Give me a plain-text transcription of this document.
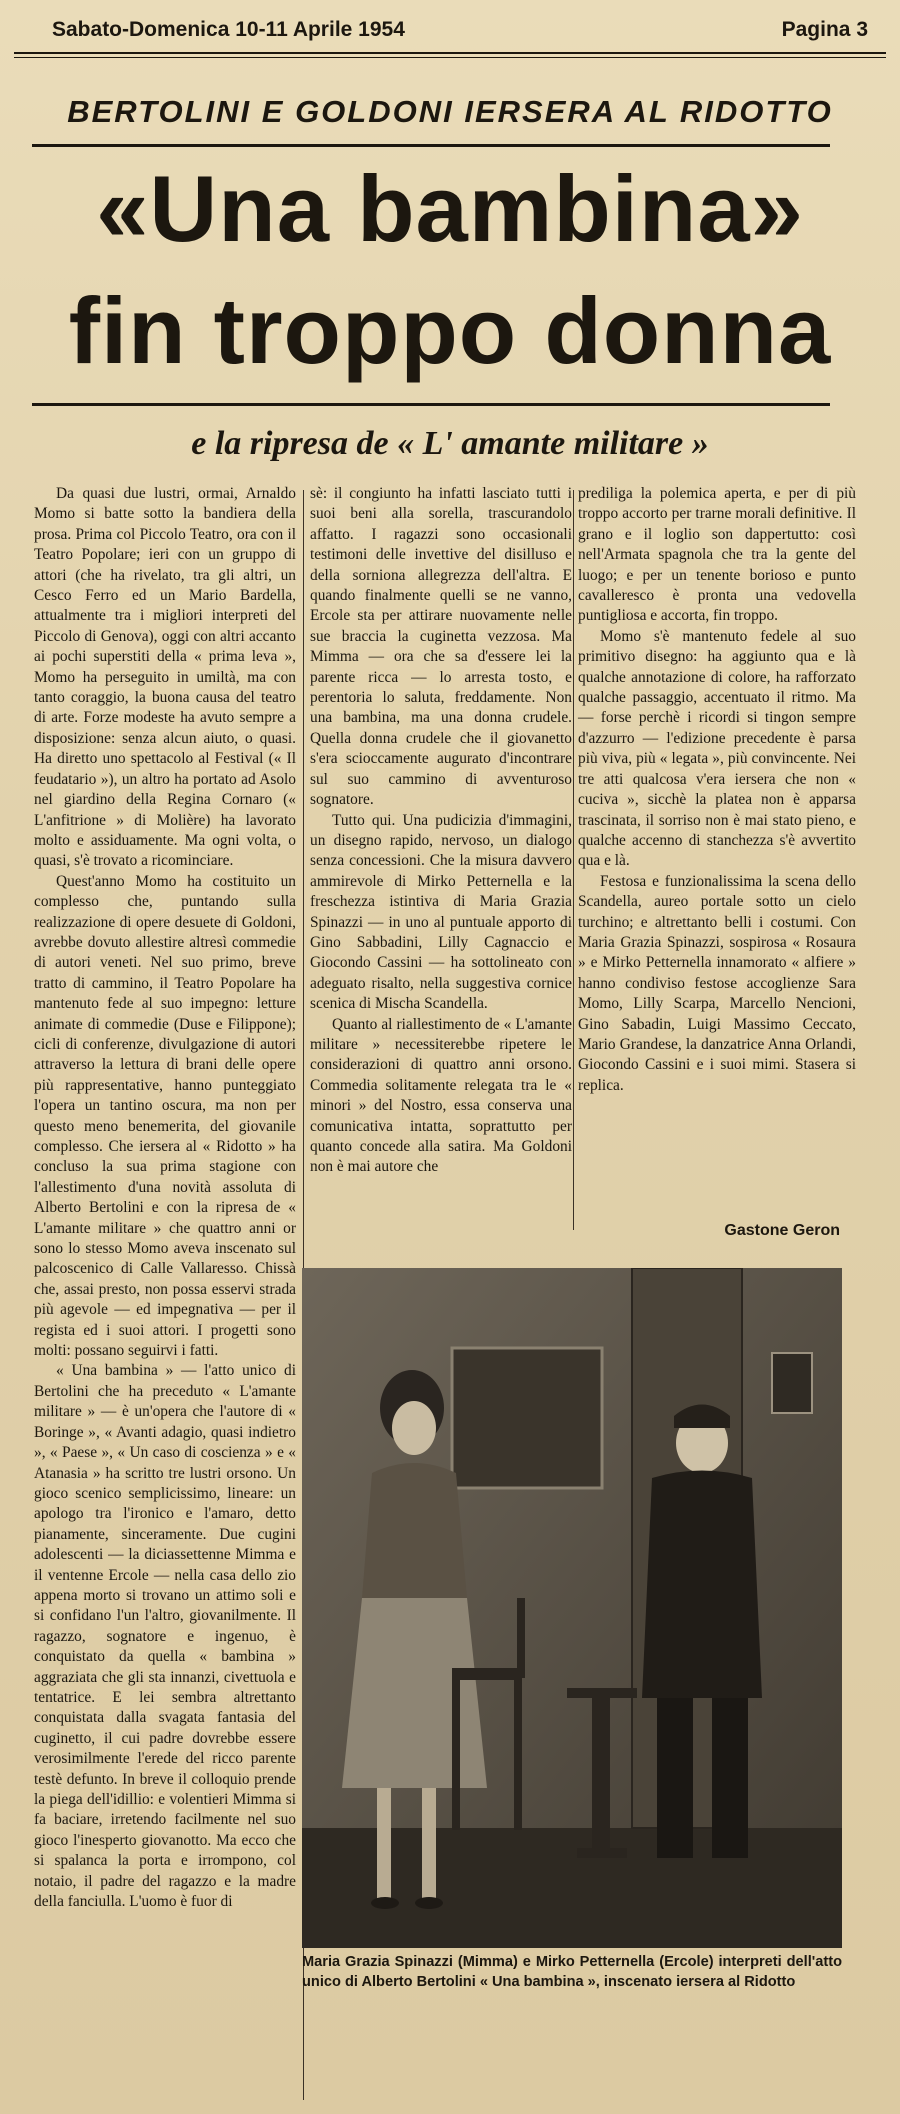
Sabato-Domenica 10-11 Aprile 1954	Pagina 3
BERTOLINI E GOLDONI IERSERA AL RIDOTTO
«Una bambina»
fin troppo donna
e la ripresa de « L' amante militare »

Da quasi due lustri, ormai, Arnaldo Momo si batte sotto la bandiera della prosa. Prima col Piccolo Teatro, ora con il Teatro Popolare; ieri con un gruppo di attori (che ha rivelato, tra gli altri, un Cesco Ferro ed un Mario Bardella, attualmente tra i migliori interpreti del Piccolo di Genova), oggi con altri accanto ai pochi superstiti della « prima leva », Momo ha perseguito in umiltà, ma con tanto coraggio, la buona causa del teatro di arte. Forze modeste ha avuto sempre a disposizione: senza alcun aiuto, o quasi. Ha diretto uno spettacolo al Festival (« Il feudatario »), un altro ha portato ad Asolo nel giardino della Regina Cornaro (« L'anfitrione » di Molière) ha lavorato molto e assiduamente. Ma ogni volta, o quasi, s'è trovato a ricominciare.

Quest'anno Momo ha costituito un complesso che, puntando sulla realizzazione di opere desuete di Goldoni, avrebbe dovuto allestire altresì commedie di autori veneti. Nel suo primo, breve tratto di cammino, il Teatro Popolare ha mantenuto fede al suo impegno: letture animate di commedie (Duse e Filippone); cicli di conferenze, divulgazione di autori attraverso la lettura di brani delle opere più rappresentative, hanno punteggiato l'opera un tantino oscura, ma non per questo meno benemerita, del giovanile complesso. Che iersera al « Ridotto » ha concluso la sua prima stagione con l'allestimento d'una novità assoluta di Alberto Bertolini e con la ripresa de « L'amante militare » che quattro anni or sono lo stesso Momo aveva inscenato sul palcoscenico di Calle Vallaresso. Chissà che, assai presto, non possa esservi strada più agevole — ed impegnativa — per il regista ed i suoi attori. I progetti sono molti: possano seguirvi i fatti.

« Una bambina » — l'atto unico di Bertolini che ha preceduto « L'amante militare » — è un'opera che l'autore di « Boringe », « Avanti adagio, quasi indietro », « Paese », « Un caso di coscienza » e « Atanasia » ha scritto tre lustri orsono. Un gioco scenico semplicissimo, lineare: un apologo tra l'ironico e l'amaro, detto pianamente, sinceramente. Due cugini adolescenti — la diciassettenne Mimma e il ventenne Ercole — nella casa dello zio appena morto si trovano un attimo soli e si confidano l'un l'altro, giovanilmente. Il ragazzo, sognatore e ingenuo, è conquistato da quella « bambina » aggraziata che gli sta innanzi, civettuola e tentatrice. E lei sembra altrettanto conquistata dalla svagata fantasia del cuginetto, il cui padre dovrebbe essere verosimilmente l'erede del ricco parente testè defunto. In breve il colloquio prende la piega dell'idillio: e volentieri Mimma si fa baciare, irretendo facilmente nel suo gioco l'inesperto giovanotto. Ma ecco che si spalanca la porta e irrompono, col notaio, il padre del ragazzo e la madre della fanciulla. L'uomo è fuor di

sè: il congiunto ha infatti lasciato tutti i suoi beni alla sorella, trascurandolo affatto. I ragazzi sono occasionali testimoni delle invettive del disilluso e della sorniona allegrezza dell'altra. E quando finalmente quelli se ne vanno, Ercole sta per attirare nuovamente nelle sue braccia la cuginetta vezzosa. Ma Mimma — ora che sa d'essere lei la parente ricca — lo arresta tosto, e perentoria lo saluta, freddamente. Non una bambina, ma una donna crudele. Quella donna crudele che il giovanetto s'era scioccamente augurato d'incontrare sul suo cammino di avventuroso sognatore.

Tutto qui. Una pudicizia d'immagini, un disegno rapido, nervoso, un dialogo senza concessioni. Che la misura davvero ammirevole di Mirko Petternella e la freschezza istintiva di Maria Grazia Spinazzi — in uno al puntuale apporto di Gino Sabbadini, Lilly Cagnaccio e Giocondo Cassini — ha sottolineato con adeguato risalto, nella suggestiva cornice scenica di Mischa Scandella.

Quanto al riallestimento de « L'amante militare » necessiterebbe ripetere le considerazioni di quattro anni orsono. Commedia solitamente relegata tra le « minori » del Nostro, essa conserva una comunicativa intatta, soprattutto per quanto concede alla satira. Ma Goldoni non è mai autore che

prediliga la polemica aperta, e per di più troppo accorto per trarne morali definitive. Il grano e il loglio son dappertutto: così nell'Armata spagnola che tra la gente del luogo; e per un tenente borioso e punto cavalleresco è pronta una vedovella puntigliosa e accorta, fin troppo.

Momo s'è mantenuto fedele al suo primitivo disegno: ha aggiunto qua e là qualche annotazione di colore, ha rafforzato qualche passaggio, accentuato il ritmo. Ma — forse perchè i ricordi si tingon sempre d'azzurro — l'edizione precedente è parsa più viva, più « legata », più convincente. Nei tre atti qualcosa v'era iersera che non « cuciva », sicchè la platea non è apparsa trascinata, il sorriso non è mai stato pieno, e qualche accenno di stanchezza s'è avvertito qua e là.

Festosa e funzionalissima la scena dello Scandella, aureo portale sotto un cielo turchino; e altrettanto belli i costumi. Con Maria Grazia Spinazzi, sospirosa « Rosaura » e Mirko Petternella innamorato « alfiere » hanno condiviso festose accoglienze Sara Momo, Lilly Scarpa, Marcello Nencioni, Gino Sabadin, Luigi Massimo Ceccato, Mario Grandese, la danzatrice Anna Orlandi, Giocondo Cassini e i suoi mimi. Stasera si replica.

Gastone Geron
Maria Grazia Spinazzi (Mimma) e Mirko Petternella (Ercole) interpreti dell'atto unico di Alberto Bertolini « Una bambina », inscenato iersera al Ridotto
